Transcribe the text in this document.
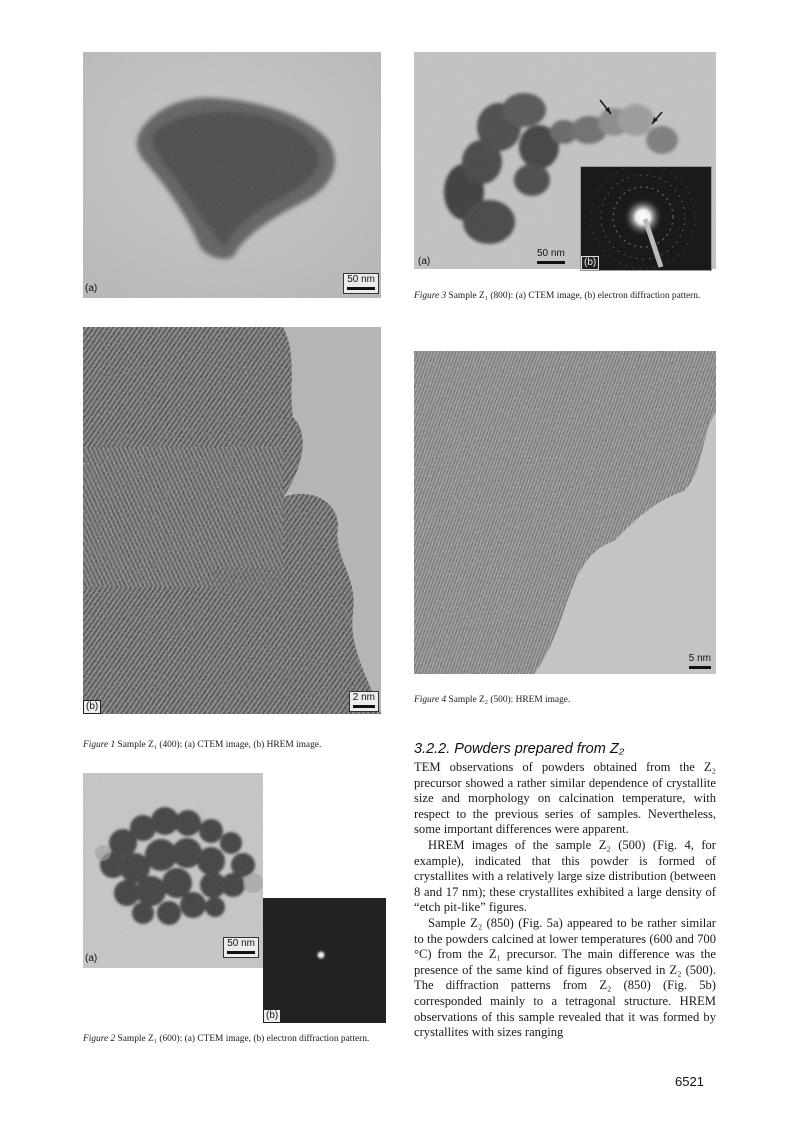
(a)
50 nm
(b)
2 nm
Figure 1 Sample Z₁ (400): (a) CTEM image, (b) HREM image.
(a)
50 nm
(b)
Figure 2 Sample Z₁ (600): (a) CTEM image, (b) electron diffraction pattern.
(a)
50 nm
(b)
Figure 3 Sample Z₁ (800): (a) CTEM image, (b) electron diffraction pattern.
5 nm
Figure 4 Sample Z₂ (500): HREM image.
3.2.2. Powders prepared from Z₂

TEM observations of powders obtained from the Z₂ precursor showed a rather similar dependence of crystallite size and morphology on calcination temperature, with respect to the previous series of samples. Nevertheless, some important differences were apparent.

HREM images of the sample Z₂ (500) (Fig. 4, for example), indicated that this powder is formed of crystallites with a relatively large size distribution (between 8 and 17 nm); these crystallites exhibited a large density of “etch pit-like” figures.

Sample Z₂ (850) (Fig. 5a) appeared to be rather similar to the powders calcined at lower temperatures (600 and 700 °C) from the Z₁ precursor. The main difference was the presence of the same kind of figures observed in Z₂ (500). The diffraction patterns from Z₂ (850) (Fig. 5b) corresponded mainly to a tetragonal structure. HREM observations of this sample revealed that it was formed by crystallites with sizes ranging

6521
